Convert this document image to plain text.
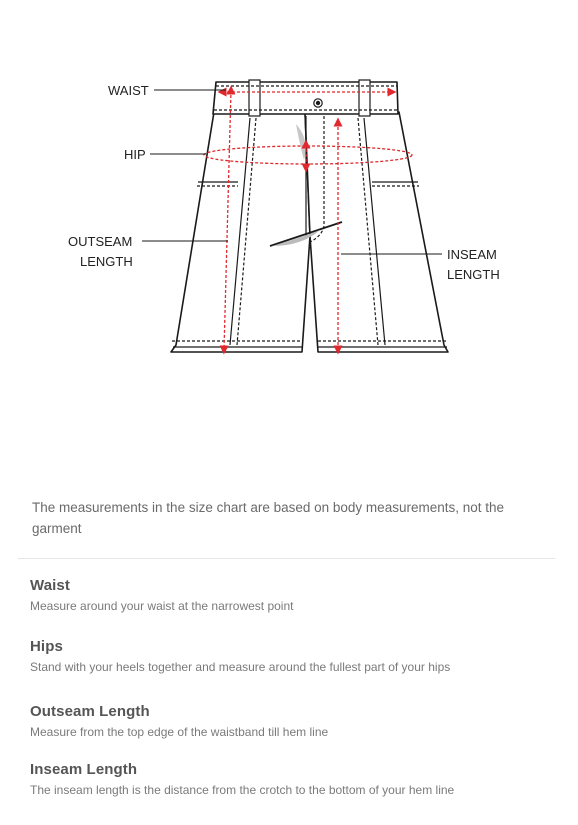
WAIST
HIP
OUTSEAM
LENGTH	INSEAM
LENGTH

The measurements in the size chart are based on body measurements, not the garment

Waist

Measure around your waist at the narrowest point

Hips

Stand with your heels together and measure around the fullest part of your hips

Outseam Length

Measure from the top edge of the waistband till hem line

Inseam Length

The inseam length is the distance from the crotch to the bottom of your hem line
